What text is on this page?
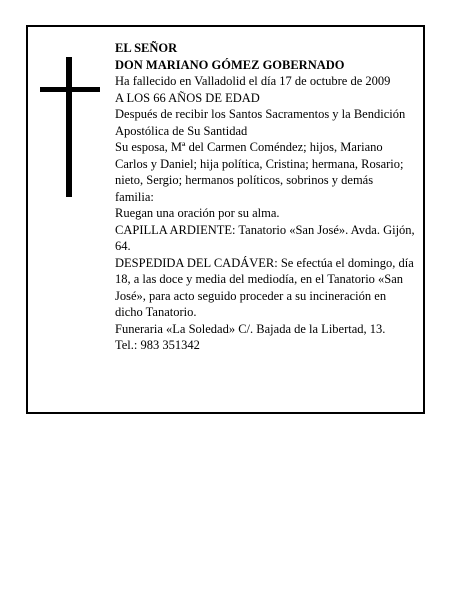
EL SEÑOR

DON MARIANO GÓMEZ GOBERNADO

Ha fallecido en Valladolid el día 17 de octubre de 2009

A LOS 66 AÑOS DE EDAD

Después de recibir los Santos Sacramentos y la Bendición Apostólica de Su Santidad

Su esposa, Mª del Carmen Coméndez; hijos, Mariano Carlos y Daniel; hija política, Cristina; hermana, Rosario; nieto, Sergio; hermanos políticos, sobrinos y demás familia:

Ruegan una oración por su alma.

CAPILLA ARDIENTE: Tanatorio «San José». Avda. Gijón, 64.

DESPEDIDA DEL CADÁVER: Se efectúa el domingo, día 18, a las doce y media del mediodía, en el Tanatorio «San José», para acto seguido proceder a su incineración en dicho Tanatorio.

Funeraria «La Soledad» C/. Bajada de la Libertad, 13.

Tel.: 983 351342
